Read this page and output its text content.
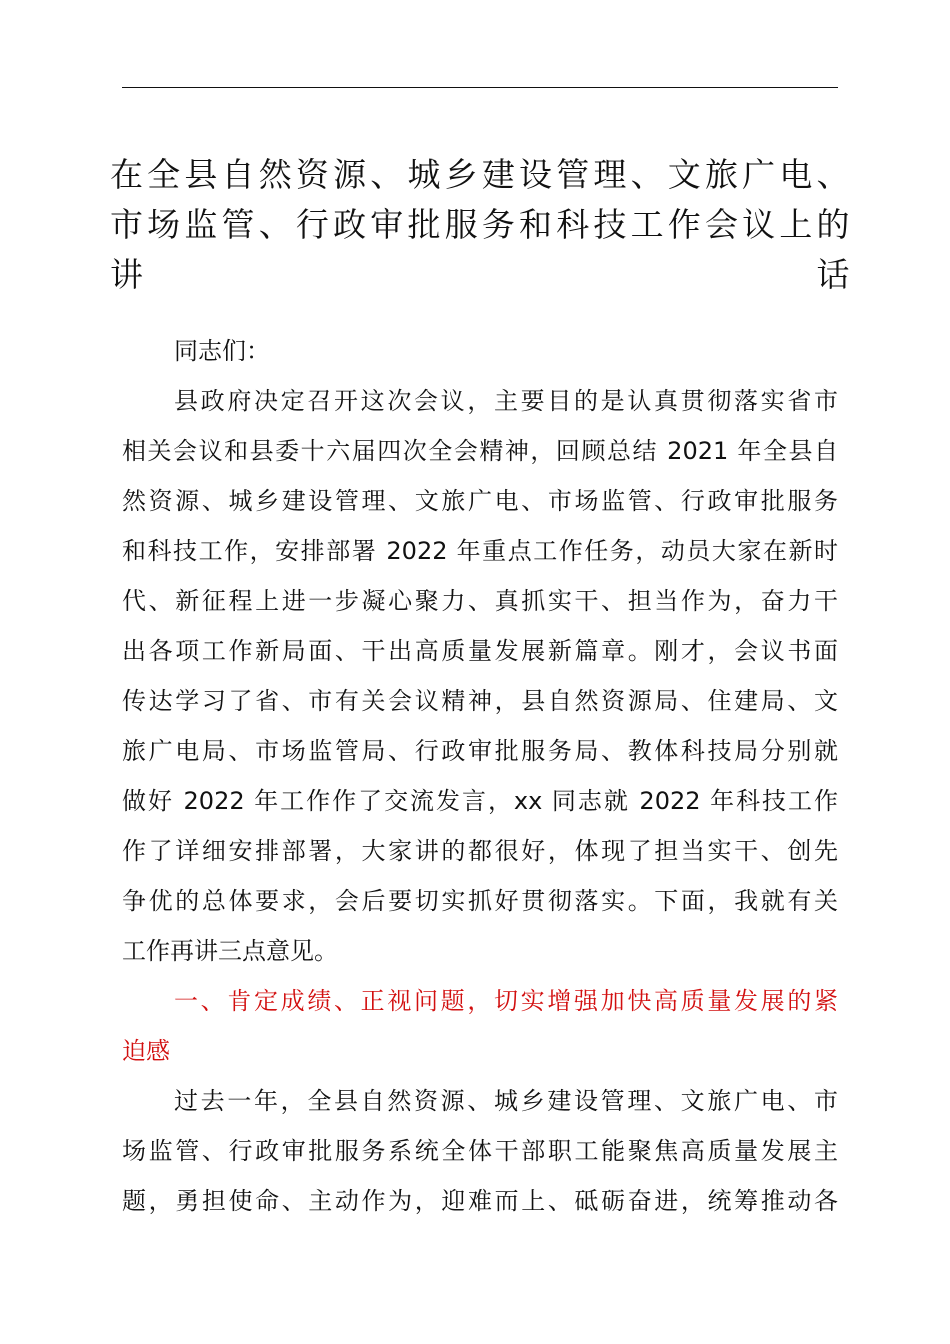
在全县自然资源、城乡建设管理、文旅广电、
市场监管、行政审批服务和科技工作会议上的
讲话
同志们：
县政府决定召开这次会议，主要目的是认真贯彻落实省市
相关会议和县委十六届四次全会精神，回顾总结 2021 年全县自
然资源、城乡建设管理、文旅广电、市场监管、行政审批服务
和科技工作，安排部署 2022 年重点工作任务，动员大家在新时
代、新征程上进一步凝心聚力、真抓实干、担当作为，奋力干
出各项工作新局面、干出高质量发展新篇章。刚才，会议书面
传达学习了省、市有关会议精神，县自然资源局、住建局、文
旅广电局、市场监管局、行政审批服务局、教体科技局分别就
做好 2022 年工作作了交流发言，xx 同志就 2022 年科技工作
作了详细安排部署，大家讲的都很好，体现了担当实干、创先
争优的总体要求，会后要切实抓好贯彻落实。下面，我就有关
工作再讲三点意见。
一、肯定成绩、正视问题，切实增强加快高质量发展的紧
迫感
过去一年，全县自然资源、城乡建设管理、文旅广电、市
场监管、行政审批服务系统全体干部职工能聚焦高质量发展主
题，勇担使命、主动作为，迎难而上、砥砺奋进，统筹推动各
